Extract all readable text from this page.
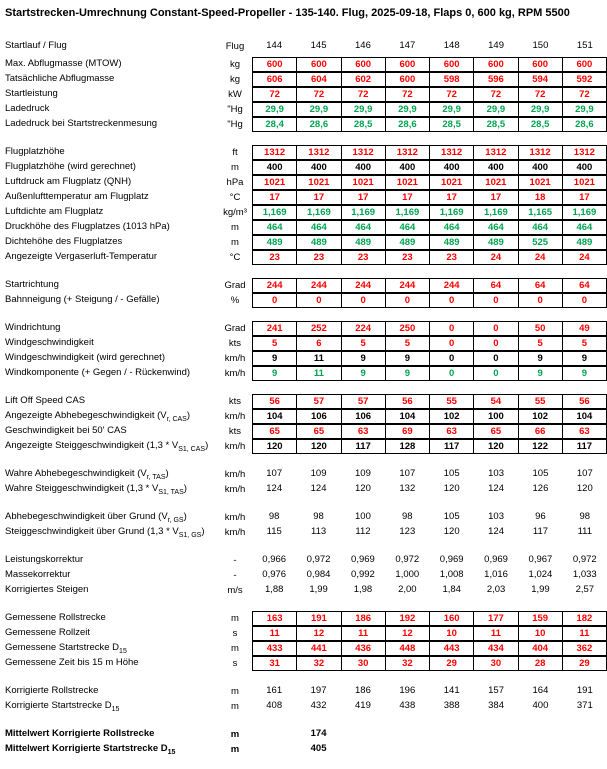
Startstrecken-Umrechnung Constant-Speed-Propeller - 135-140. Flug, 2025-09-18, Flaps 0, 600 kg, RPM 5500
Startlauf / Flug	Flug	144	145	146	147	148	149	150	151
Max. Abflugmasse (MTOW)	kg	600	600	600	600	600	600	600	600
Tatsächliche Abflugmasse	kg	606	604	602	600	598	596	594	592
Startleistung	kW	72	72	72	72	72	72	72	72
Ladedruck	"Hg	29,9	29,9	29,9	29,9	29,9	29,9	29,9	29,9
Ladedruck bei Startstreckenmesung	"Hg	28,4	28,6	28,5	28,6	28,5	28,5	28,5	28,6
Flugplatzhöhe	ft	1312	1312	1312	1312	1312	1312	1312	1312
Flugplatzhöhe (wird gerechnet)	m	400	400	400	400	400	400	400	400
Luftdruck am Flugplatz (QNH)	hPa	1021	1021	1021	1021	1021	1021	1021	1021
Außenlufttemperatur am Flugplatz	°C	17	17	17	17	17	17	18	17
Luftdichte am Flugplatz	kg/m³	1,169	1,169	1,169	1,169	1,169	1,169	1,165	1,169
Druckhöhe des Flugplatzes (1013 hPa)	m	464	464	464	464	464	464	464	464
Dichtehöhe des Flugplatzes	m	489	489	489	489	489	489	525	489
Angezeigte Vergaserluft-Temperatur	°C	23	23	23	23	23	24	24	24
Startrichtung	Grad	244	244	244	244	244	64	64	64
Bahnneigung (+ Steigung / - Gefälle)	%	0	0	0	0	0	0	0	0
Windrichtung	Grad	241	252	224	250	0	0	50	49
Windgeschwindigkeit	kts	5	6	5	5	0	0	5	5
Windgeschwindigkeit (wird gerechnet)	km/h	9	11	9	9	0	0	9	9
Windkomponente (+ Gegen / - Rückenwind)	km/h	9	11	9	9	0	0	9	9
Lift Off Speed CAS	kts	56	57	57	56	55	54	55	56
Angezeigte Abhebegeschwindigkeit $(V_{r, CAS})$	km/h	104	106	106	104	102	100	102	104
Geschwindigkeit bei 50' CAS	kts	65	65	63	69	63	65	66	63
Angezeigte Steiggeschwindigkeit $(1,3 * V_{S1, CAS})$	km/h	120	120	117	128	117	120	122	117
Wahre Abhebegeschwindigkeit $(V_{r, TAS})$	km/h	107	109	109	107	105	103	105	107
Wahre Steiggeschwindigkeit $(1,3 * V_{S1, TAS})$	km/h	124	124	120	132	120	124	126	120
Abhebegeschwindigkeit über Grund $(V_{r, GS})$	km/h	98	98	100	98	105	103	96	98
Steiggeschwindigkeit über Grund $(1,3 * V_{S1, GS})$	km/h	115	113	112	123	120	124	117	111
Leistungskorrektur	-	0,966	0,972	0,969	0,972	0,969	0,969	0,967	0,972
Massekorrektur	-	0,976	0,984	0,992	1,000	1,008	1,016	1,024	1,033
Korrigiertes Steigen	m/s	1,88	1,99	1,98	2,00	1,84	2,03	1,99	2,57
Gemessene Rollstrecke	m	163	191	186	192	160	177	159	182
Gemessene Rollzeit	s	11	12	11	12	10	11	10	11
Gemessene Startstrecke $D_{15}$	m	433	441	436	448	443	434	404	362
Gemessene Zeit bis 15 m Höhe	s	31	32	30	32	29	30	28	29
Korrigierte Rollstrecke	m	161	197	186	196	141	157	164	191
Korrigierte Startstrecke $D_{15}$	m	408	432	419	438	388	384	400	371
Mittelwert Korrigierte Rollstrecke	m	174
Mittelwert Korrigierte Startstrecke $D_{15}$	m	405
